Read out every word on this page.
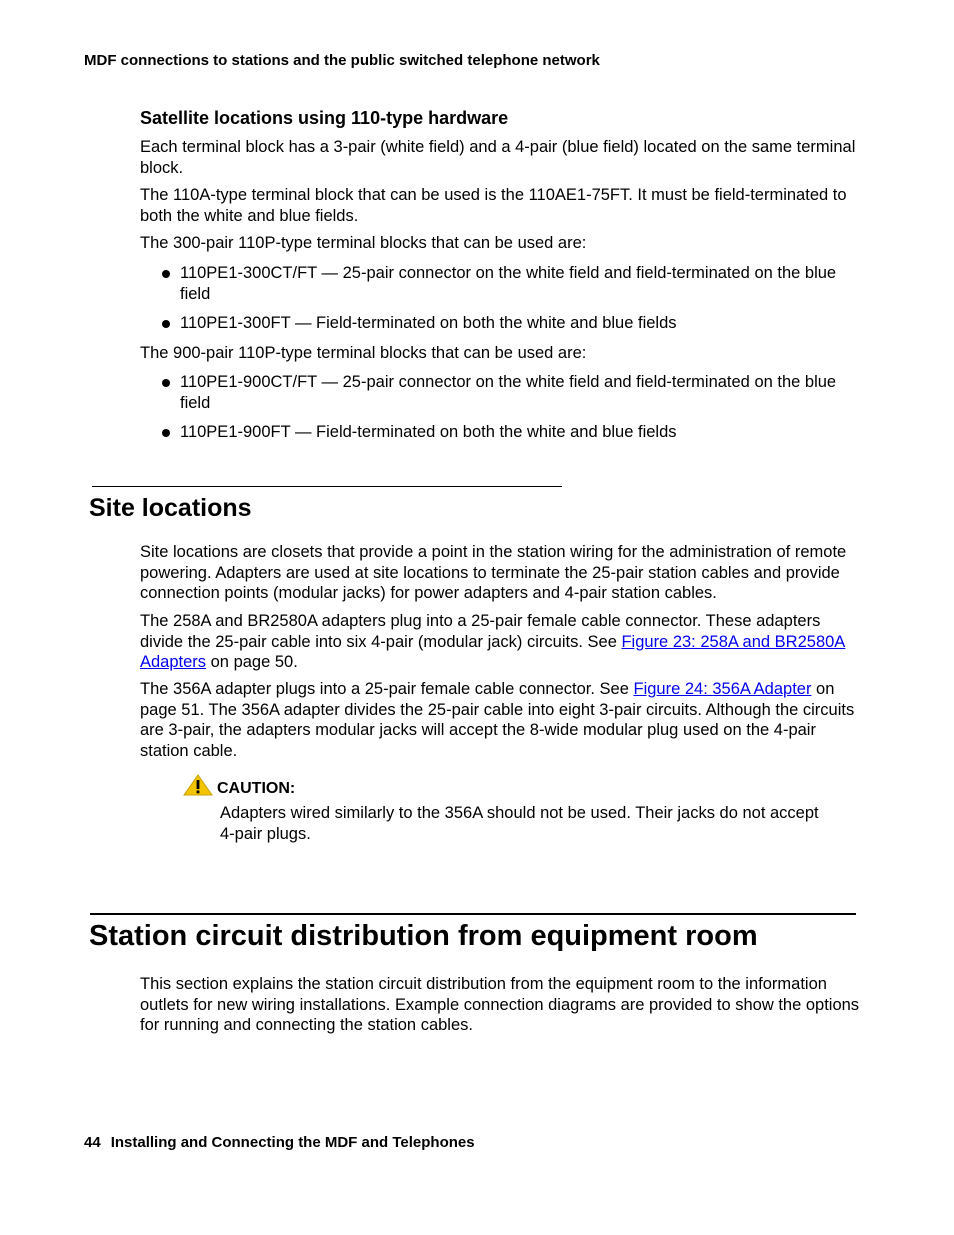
MDF connections to stations and the public switched telephone network
Satellite locations using 110-type hardware

Each terminal block has a 3-pair (white field) and a 4-pair (blue field) located on the same terminal block.

The 110A-type terminal block that can be used is the 110AE1-75FT. It must be field-terminated to both the white and blue fields.

The 300-pair 110P-type terminal blocks that can be used are:

110PE1-300CT/FT — 25-pair connector on the white field and field-terminated on the blue field
110PE1-300FT — Field-terminated on both the white and blue fields

The 900-pair 110P-type terminal blocks that can be used are:

110PE1-900CT/FT — 25-pair connector on the white field and field-terminated on the blue field
110PE1-900FT — Field-terminated on both the white and blue fields
Site locations

Site locations are closets that provide a point in the station wiring for the administration of remote powering. Adapters are used at site locations to terminate the 25-pair station cables and provide connection points (modular jacks) for power adapters and 4-pair station cables.

The 258A and BR2580A adapters plug into a 25-pair female cable connector. These adapters divide the 25-pair cable into six 4-pair (modular jack) circuits. See Figure 23: 258A and BR2580A Adapters on page 50.

The 356A adapter plugs into a 25-pair female cable connector. See Figure 24: 356A Adapter on page 51. The 356A adapter divides the 25-pair cable into eight 3-pair circuits. Although the circuits are 3-pair, the adapters modular jacks will accept the 8-wide modular plug used on the 4-pair station cable.

CAUTION:
Adapters wired similarly to the 356A should not be used. Their jacks do not accept 4-pair plugs.
Station circuit distribution from equipment room

This section explains the station circuit distribution from the equipment room to the information outlets for new wiring installations. Example connection diagrams are provided to show the options for running and connecting the station cables.

44 Installing and Connecting the MDF and Telephones
